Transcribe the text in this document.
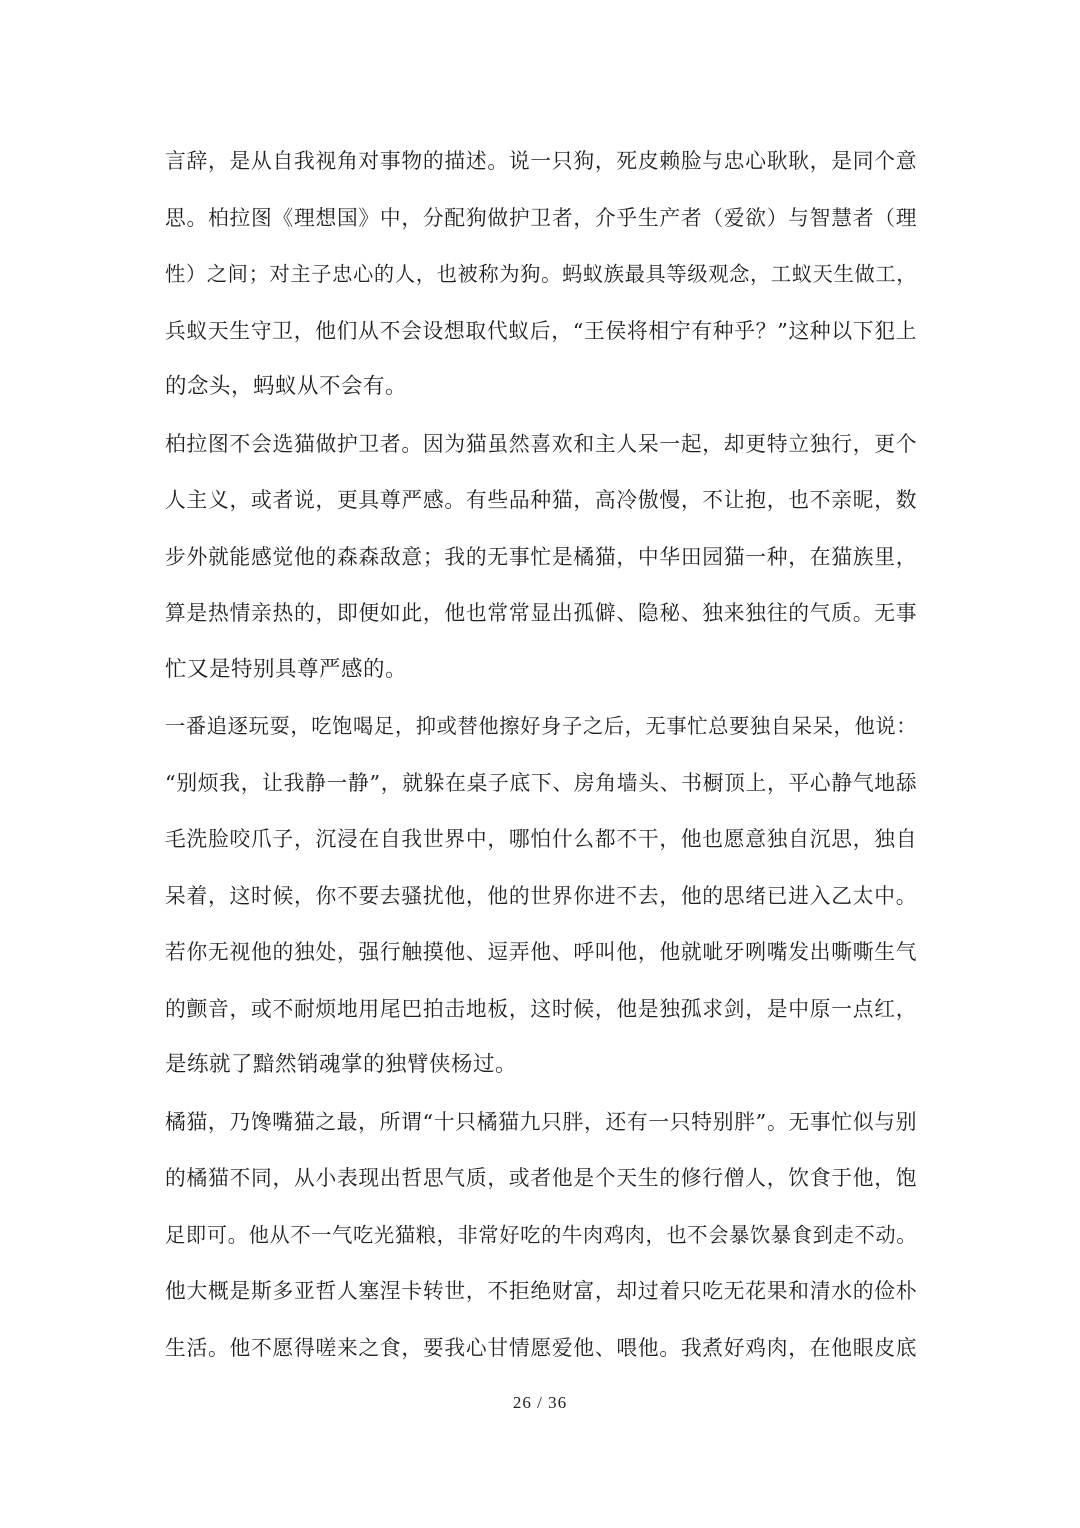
言辞，是从自我视角对事物的描述。说一只狗，死皮赖脸与忠心耿耿，是同个意
思。柏拉图《理想国》中，分配狗做护卫者，介乎生产者（爱欲）与智慧者（理
性）之间；对主子忠心的人，也被称为狗。蚂蚁族最具等级观念，工蚁天生做工，
兵蚁天生守卫，他们从不会设想取代蚁后，“王侯将相宁有种乎？”这种以下犯上
的念头，蚂蚁从不会有。
柏拉图不会选猫做护卫者。因为猫虽然喜欢和主人呆一起，却更特立独行，更个
人主义，或者说，更具尊严感。有些品种猫，高冷傲慢，不让抱，也不亲昵，数
步外就能感觉他的森森敌意；我的无事忙是橘猫，中华田园猫一种，在猫族里，
算是热情亲热的，即便如此，他也常常显出孤僻、隐秘、独来独往的气质。无事
忙又是特别具尊严感的。
一番追逐玩耍，吃饱喝足，抑或替他擦好身子之后，无事忙总要独自呆呆，他说：
“别烦我，让我静一静”，就躲在桌子底下、房角墙头、书橱顶上，平心静气地舔
毛洗脸咬爪子，沉浸在自我世界中，哪怕什么都不干，他也愿意独自沉思，独自
呆着，这时候，你不要去骚扰他，他的世界你进不去，他的思绪已进入乙太中。
若你无视他的独处，强行触摸他、逗弄他、呼叫他，他就呲牙咧嘴发出嘶嘶生气
的颤音，或不耐烦地用尾巴拍击地板，这时候，他是独孤求剑，是中原一点红，
是练就了黯然销魂掌的独臂侠杨过。
橘猫，乃馋嘴猫之最，所谓“十只橘猫九只胖，还有一只特别胖”。无事忙似与别
的橘猫不同，从小表现出哲思气质，或者他是个天生的修行僧人，饮食于他，饱
足即可。他从不一气吃光猫粮，非常好吃的牛肉鸡肉，也不会暴饮暴食到走不动。
他大概是斯多亚哲人塞涅卡转世，不拒绝财富，却过着只吃无花果和清水的俭朴
生活。他不愿得嗟来之食，要我心甘情愿爱他、喂他。我煮好鸡肉，在他眼皮底
26 / 36
